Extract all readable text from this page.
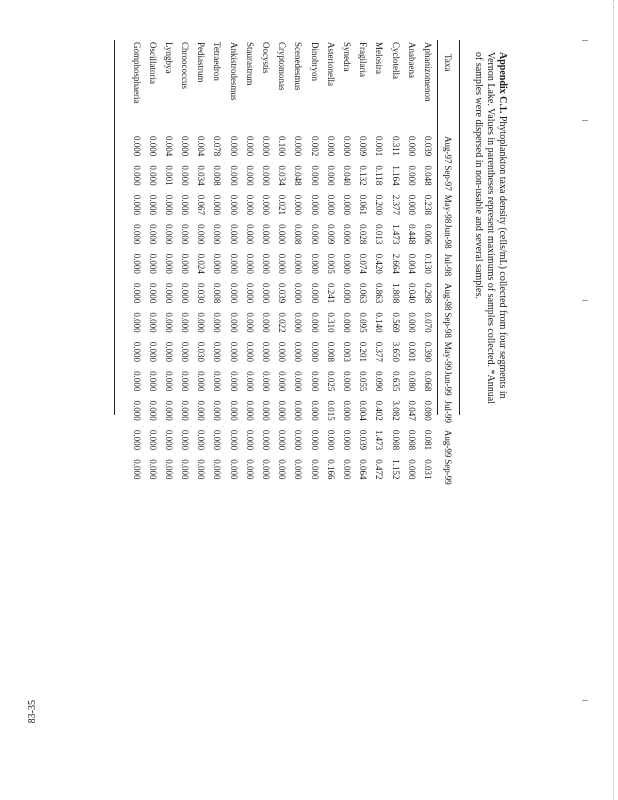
Appendix C.1. Phytoplankton taxa density (cells/mL) collected from four segments in Vernon Lake. Values in parentheses represent maximums of samples collected. *Annual of samples were dispersed in non-usable and several samples.
Taxa	Aug-97	Sep-97	May-98	Jun-98	Jul-98	Aug-98	Sep-98	May-99	Jun-99	Jul-99	Aug-99	Sep-99
Aphanizomenon	0.039	0.048	0.238	0.006	0.130	0.298	0.070	0.390	0.068	0.080	0.081	0.031
Anabaena	0.000	0.000	0.000	0.448	0.004	0.040	0.000	0.001	0.080	0.047	0.008	0.000
Cyclotella	0.311	1.164	2.377	1.473	2.664	1.808	0.569	3.650	0.635	3.082	0.008	1.152
Melosira	0.001	0.118	0.200	0.013	0.420	0.863	0.140	0.377	0.090	0.402	1.473	0.472
Fragilaria	0.009	0.132	0.061	0.028	0.074	0.063	0.095	0.201	0.055	0.004	0.039	0.064
Synedra	0.000	0.040	0.000	0.000	0.000	0.000	0.000	0.003	0.000	0.000	0.000	0.000
Asterionella	0.000	0.000	0.000	0.009	0.005	0.241	0.310	0.008	0.025	0.015	0.000	0.166
Dinobryon	0.002	0.000	0.000	0.000	0.000	0.000	0.000	0.000	0.000	0.000	0.000	0.000
Scenedesmus	0.000	0.048	0.000	0.008	0.000	0.000	0.000	0.000	0.000	0.000	0.000	0.000
Cryptomonas	0.100	0.034	0.021	0.000	0.000	0.039	0.022	0.000	0.000	0.000	0.000	0.000
Oocystis	0.000	0.000	0.000	0.000	0.000	0.000	0.000	0.000	0.000	0.000	0.000	0.000
Staurastrum	0.000	0.000	0.000	0.000	0.000	0.000	0.000	0.000	0.000	0.000	0.000	0.000
Ankistrodesmus	0.000	0.000	0.000	0.000	0.000	0.000	0.000	0.000	0.000	0.000	0.000	0.000
Tetraedron	0.078	0.008	0.000	0.000	0.000	0.008	0.000	0.000	0.000	0.000	0.000	0.000
Pediastrum	0.004	0.034	0.067	0.000	0.024	0.030	0.000	0.030	0.000	0.000	0.000	0.000
Chroococcus	0.000	0.000	0.000	0.000	0.000	0.000	0.000	0.000	0.000	0.000	0.000	0.000
Lyngbya	0.004	0.001	0.000	0.000	0.000	0.000	0.000	0.000	0.000	0.000	0.000	0.000
Oscillatoria	0.000	0.000	0.000	0.000	0.000	0.000	0.000	0.000	0.000	0.000	0.000	0.000
Gomphosphaeria	0.000	0.000	0.000	0.000	0.000	0.000	0.000	0.000	0.000	0.000	0.000	0.000
83-35
